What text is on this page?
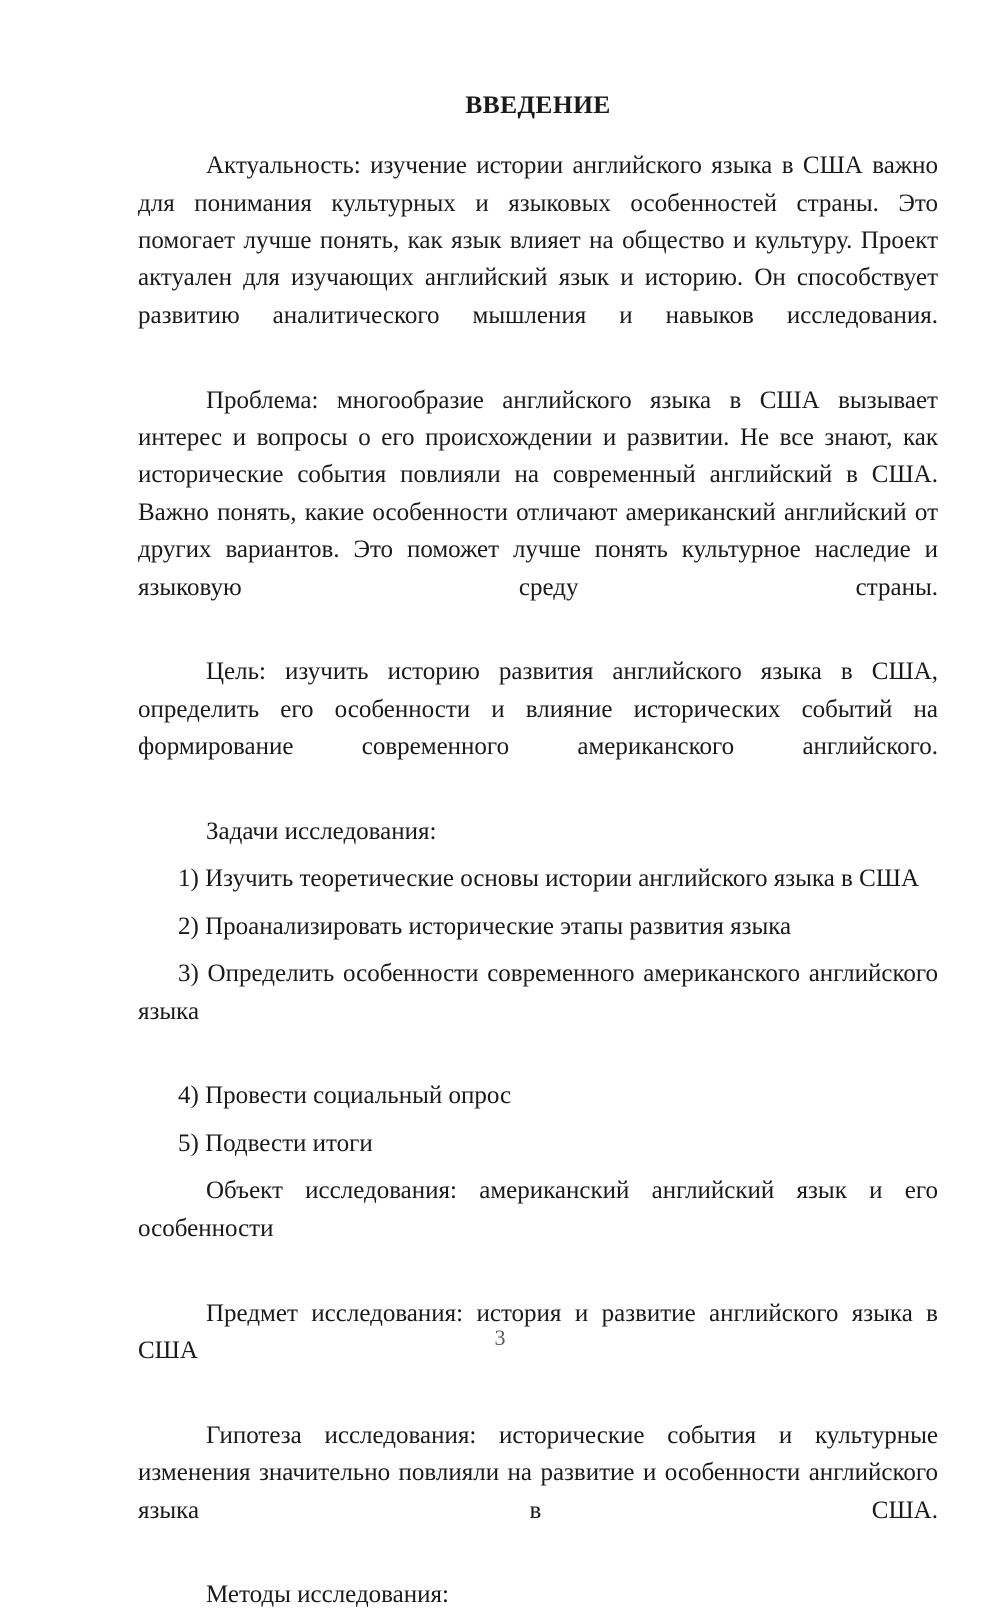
ВВЕДЕНИЕ

Актуальность: изучение истории английского языка в США важно для понимания культурных и языковых особенностей страны. Это помогает лучше понять, как язык влияет на общество и культуру. Проект актуален для изучающих английский язык и историю. Он способствует развитию аналитического мышления и навыков исследования.

Проблема: многообразие английского языка в США вызывает интерес и вопросы о его происхождении и развитии. Не все знают, как исторические события повлияли на современный английский в США. Важно понять, какие особенности отличают американский английский от других вариантов. Это поможет лучше понять культурное наследие и языковую среду страны.

Цель: изучить историю развития английского языка в США, определить его особенности и влияние исторических событий на формирование современного американского английского.

Задачи исследования:

1) Изучить теоретические основы истории английского языка в США

2) Проанализировать исторические этапы развития языка

3) Определить особенности современного американского английского языка

4) Провести социальный опрос

5) Подвести итоги

Объект исследования: американский английский язык и его особенности

Предмет исследования: история и развитие английского языка в США

Гипотеза исследования: исторические события и культурные изменения значительно повлияли на развитие и особенности английского языка в США.

Методы исследования:

3
